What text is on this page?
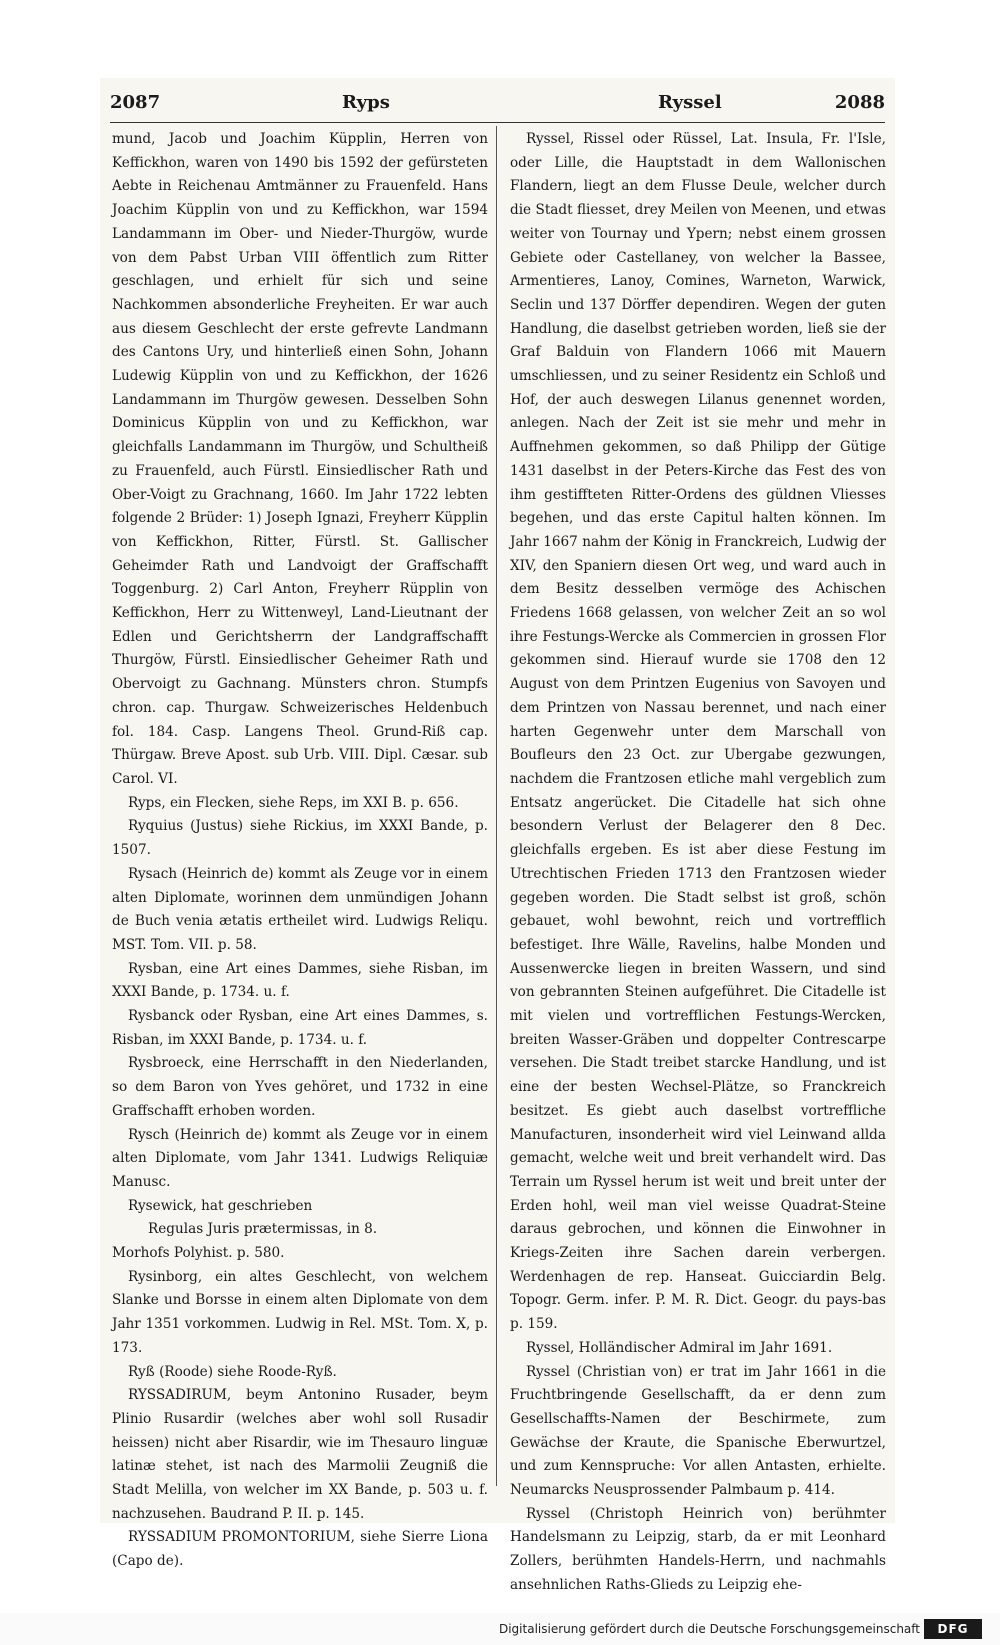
2087	Ryps	Ryssel	2088

mund, Jacob und Joachim Küpplin, Herren von Keffickhon, waren von 1490 bis 1592 der gefürsteten Aebte in Reichenau Amtmänner zu Frauenfeld. Hans Joachim Küpplin von und zu Keffickhon, war 1594 Landammann im Ober- und Nieder-Thurgöw, wurde von dem Pabst Urban VIII öffentlich zum Ritter geschlagen, und erhielt für sich und seine Nachkommen absonderliche Freyheiten. Er war auch aus diesem Geschlecht der erste gefrevte Landmann des Cantons Ury, und hinterließ einen Sohn, Johann Ludewig Küpplin von und zu Keffickhon, der 1626 Landammann im Thurgöw gewesen. Desselben Sohn Dominicus Küpplin von und zu Keffickhon, war gleichfalls Landammann im Thurgöw, und Schultheiß zu Frauenfeld, auch Fürstl. Einsiedlischer Rath und Ober-Voigt zu Grachnang, 1660. Im Jahr 1722 lebten folgende 2 Brüder: 1) Joseph Ignazi, Freyherr Küpplin von Keffickhon, Ritter, Fürstl. St. Gallischer Geheimder Rath und Landvoigt der Graffschafft Toggenburg. 2) Carl Anton, Freyherr Rüpplin von Keffickhon, Herr zu Wittenweyl, Land-Lieutnant der Edlen und Gerichtsherrn der Landgraffschafft Thurgöw, Fürstl. Einsiedlischer Geheimer Rath und Obervoigt zu Gachnang. Münsters chron. Stumpfs chron. cap. Thurgaw. Schweizerisches Heldenbuch fol. 184. Casp. Langens Theol. Grund-Riß cap. Thürgaw. Breve Apost. sub Urb. VIII. Dipl. Cæsar. sub Carol. VI.

Ryps, ein Flecken, siehe Reps, im XXI B. p. 656.

Ryquius (Justus) siehe Rickius, im XXXI Bande, p. 1507.

Rysach (Heinrich de) kommt als Zeuge vor in einem alten Diplomate, worinnen dem unmündigen Johann de Buch venia ætatis ertheilet wird. Ludwigs Reliqu. MST. Tom. VII. p. 58.

Rysban, eine Art eines Dammes, siehe Risban, im XXXI Bande, p. 1734. u. f.

Rysbanck oder Rysban, eine Art eines Dammes, s. Risban, im XXXI Bande, p. 1734. u. f.

Rysbroeck, eine Herrschafft in den Niederlanden, so dem Baron von Yves gehöret, und 1732 in eine Graffschafft erhoben worden.

Rysch (Heinrich de) kommt als Zeuge vor in einem alten Diplomate, vom Jahr 1341. Ludwigs Reliquiæ Manusc.

Rysewick, hat geschrieben

Regulas Juris prætermissas, in 8.

Morhofs Polyhist. p. 580.

Rysinborg, ein altes Geschlecht, von welchem Slanke und Borsse in einem alten Diplomate von dem Jahr 1351 vorkommen. Ludwig in Rel. MSt. Tom. X, p. 173.

Ryß (Roode) siehe Roode-Ryß.

RYSSADIRUM, beym Antonino Rusader, beym Plinio Rusardir (welches aber wohl soll Rusadir heissen) nicht aber Risardir, wie im Thesauro linguæ latinæ stehet, ist nach des Marmolii Zeugniß die Stadt Melilla, von welcher im XX Bande, p. 503 u. f. nachzusehen. Baudrand P. II. p. 145.

RYSSADIUM PROMONTORIUM, siehe Sierre Liona (Capo de).

Ryssel, Rissel oder Rüssel, Lat. Insula, Fr. l'Isle, oder Lille, die Hauptstadt in dem Wallonischen Flandern, liegt an dem Flusse Deule, welcher durch die Stadt fliesset, drey Meilen von Meenen, und etwas weiter von Tournay und Ypern; nebst einem grossen Gebiete oder Castellaney, von welcher la Bassee, Armentieres, Lanoy, Comines, Warneton, Warwick, Seclin und 137 Dörffer dependiren. Wegen der guten Handlung, die daselbst getrieben worden, ließ sie der Graf Balduin von Flandern 1066 mit Mauern umschliessen, und zu seiner Residentz ein Schloß und Hof, der auch deswegen Lilanus genennet worden, anlegen. Nach der Zeit ist sie mehr und mehr in Auffnehmen gekommen, so daß Philipp der Gütige 1431 daselbst in der Peters-Kirche das Fest des von ihm gestiffteten Ritter-Ordens des güldnen Vliesses begehen, und das erste Capitul halten können. Im Jahr 1667 nahm der König in Franckreich, Ludwig der XIV, den Spaniern diesen Ort weg, und ward auch in dem Besitz desselben vermöge des Achischen Friedens 1668 gelassen, von welcher Zeit an so wol ihre Festungs-Wercke als Commercien in grossen Flor gekommen sind. Hierauf wurde sie 1708 den 12 August von dem Printzen Eugenius von Savoyen und dem Printzen von Nassau berennet, und nach einer harten Gegenwehr unter dem Marschall von Boufleurs den 23 Oct. zur Ubergabe gezwungen, nachdem die Frantzosen etliche mahl vergeblich zum Entsatz angerücket. Die Citadelle hat sich ohne besondern Verlust der Belagerer den 8 Dec. gleichfalls ergeben. Es ist aber diese Festung im Utrechtischen Frieden 1713 den Frantzosen wieder gegeben worden. Die Stadt selbst ist groß, schön gebauet, wohl bewohnt, reich und vortrefflich befestiget. Ihre Wälle, Ravelins, halbe Monden und Aussenwercke liegen in breiten Wassern, und sind von gebrannten Steinen aufgeführet. Die Citadelle ist mit vielen und vortrefflichen Festungs-Wercken, breiten Wasser-Gräben und doppelter Contrescarpe versehen. Die Stadt treibet starcke Handlung, und ist eine der besten Wechsel-Plätze, so Franckreich besitzet. Es giebt auch daselbst vortreffliche Manufacturen, insonderheit wird viel Leinwand allda gemacht, welche weit und breit verhandelt wird. Das Terrain um Ryssel herum ist weit und breit unter der Erden hohl, weil man viel weisse Quadrat-Steine daraus gebrochen, und können die Einwohner in Kriegs-Zeiten ihre Sachen darein verbergen. Werdenhagen de rep. Hanseat. Guicciardin Belg. Topogr. Germ. infer. P. M. R. Dict. Geogr. du pays-bas p. 159.

Ryssel, Holländischer Admiral im Jahr 1691.

Ryssel (Christian von) er trat im Jahr 1661 in die Fruchtbringende Gesellschafft, da er denn zum Gesellschaffts-Namen der Beschirmete, zum Gewächse der Kraute, die Spanische Eberwurtzel, und zum Kennspruche: Vor allen Antasten, erhielte. Neumarcks Neusprossender Palmbaum p. 414.

Ryssel (Christoph Heinrich von) berühmter Handelsmann zu Leipzig, starb, da er mit Leonhard Zollers, berühmten Handels-Herrn, und nachmahls ansehnlichen Raths-Glieds zu Leipzig ehe-

Digitalisierung gefördert durch die Deutsche Forschungsgemeinschaft	DFG
